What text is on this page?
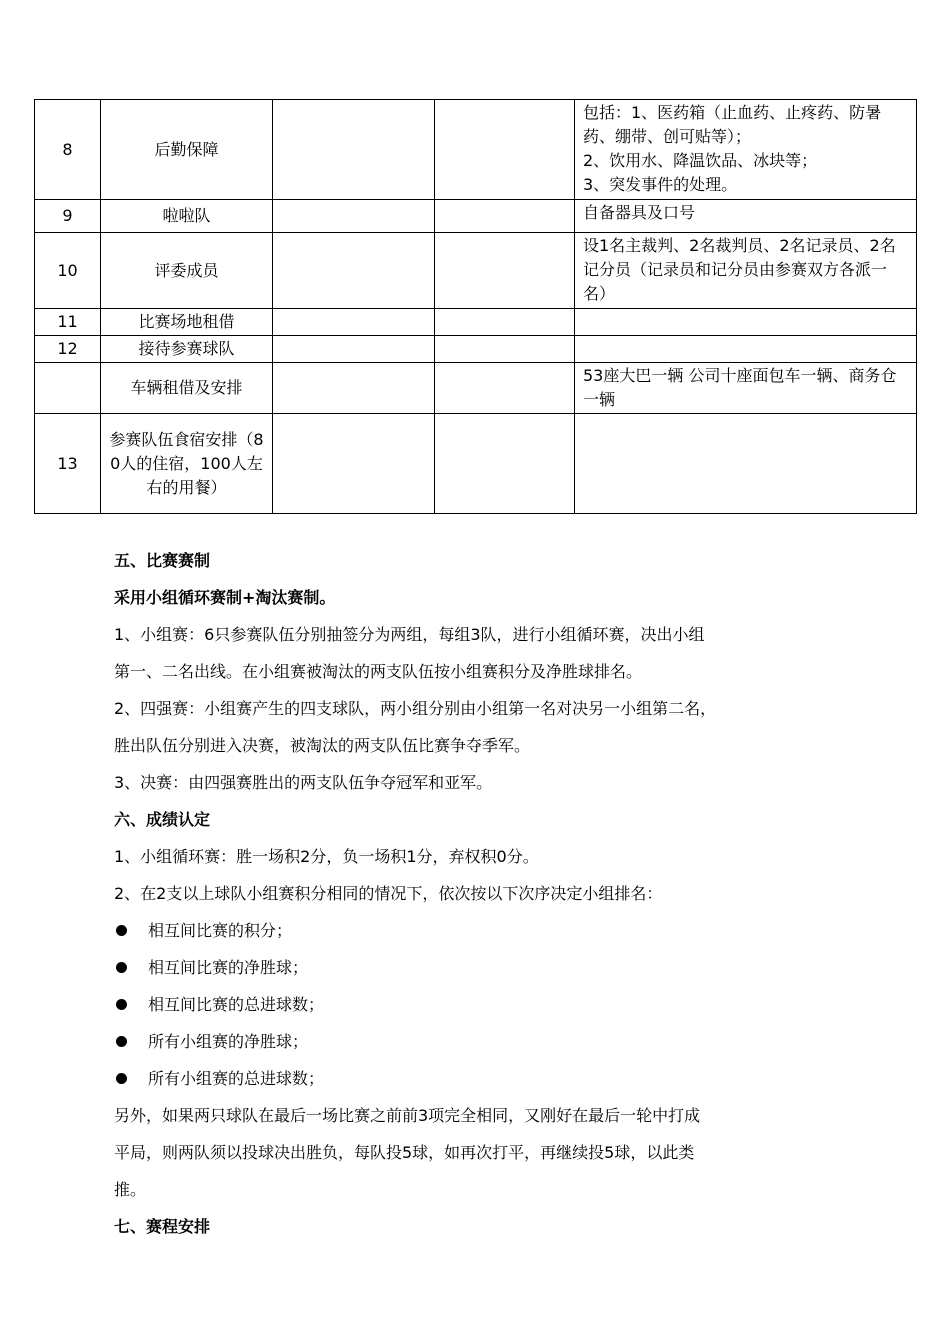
8	后勤保障			包括：1、医药箱（止血药、止疼药、防暑药、绷带、创可贴等）；
2、饮用水、降温饮品、冰块等；
3、突发事件的处理。

9	啦啦队			自备器具及口号

10	评委成员			设1名主裁判、2名裁判员、2名记录员、2名记分员（记录员和记分员由参赛双方各派一名）

11	比赛场地租借			
12	接待参赛球队			
	车辆租借及安排			53座大巴一辆 公司十座面包车一辆、商务仓一辆

13	参赛队伍食宿安排（80人的住宿，100人左右的用餐）			

五、比赛赛制

采用小组循环赛制+淘汰赛制。

1、小组赛：6只参赛队伍分别抽签分为两组，每组3队，进行小组循环赛，决出小组

第一、二名出线。在小组赛被淘汰的两支队伍按小组赛积分及净胜球排名。

2、四强赛：小组赛产生的四支球队，两小组分别由小组第一名对决另一小组第二名，

胜出队伍分别进入决赛，被淘汰的两支队伍比赛争夺季军。

3、决赛：由四强赛胜出的两支队伍争夺冠军和亚军。

六、成绩认定

1、小组循环赛：胜一场积2分，负一场积1分，弃权积0分。

2、在2支以上球队小组赛积分相同的情况下，依次按以下次序决定小组排名：

相互间比赛的积分；
相互间比赛的净胜球；
相互间比赛的总进球数；
所有小组赛的净胜球；
所有小组赛的总进球数；

另外，如果两只球队在最后一场比赛之前前3项完全相同，又刚好在最后一轮中打成

平局，则两队须以投球决出胜负，每队投5球，如再次打平，再继续投5球，以此类

推。

七、赛程安排
